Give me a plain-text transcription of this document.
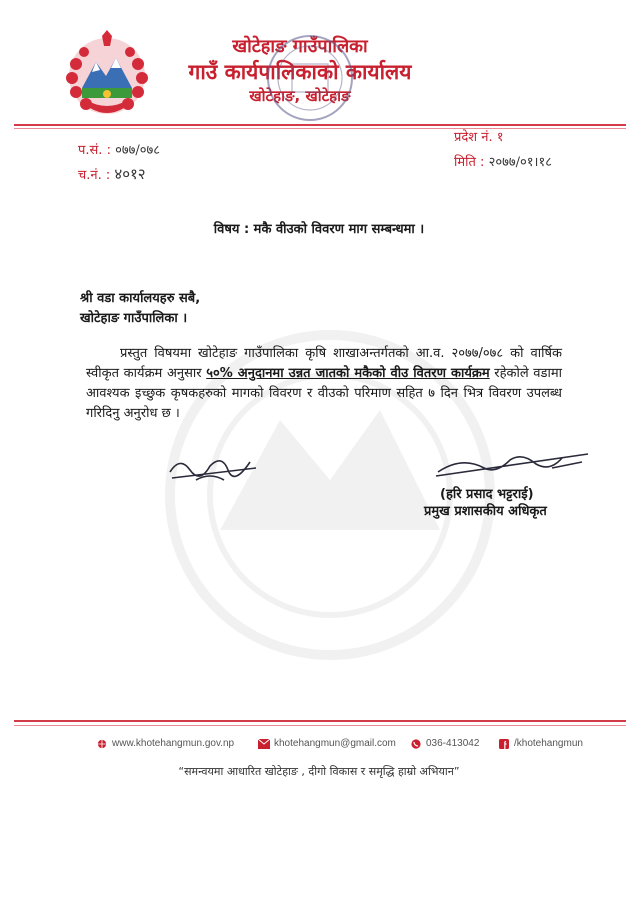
खोटेहाङ गाउँपालिका
गाउँ कार्यपालिकाको कार्यालय
खोटेहाङ, खोटेहाङ
प.सं. : ०७७/०७८
च.नं. : ४०१२
प्रदेश नं. १
मिति : २०७७/०१।१८
विषय : मकै वीउको विवरण माग सम्बन्धमा ।
श्री वडा कार्यालयहरु सबै,
खोटेहाङ गाउँपालिका ।
प्रस्तुत विषयमा खोटेहाङ गाउँपालिका कृषि शाखाअन्तर्गतको आ.व. २०७७/०७८ को वार्षिक स्वीकृत कार्यक्रम अनुसार ५०% अनुदानमा उन्नत जातको मकैको वीउ वितरण कार्यक्रम रहेकोले वडामा आवश्यक इच्छुक कृषकहरुको मागको विवरण र वीउको परिमाण सहित ७ दिन भित्र विवरण उपलब्ध गरिदिनु अनुरोध छ ।
(हरि प्रसाद भट्टराई)
प्रमुख प्रशासकीय अधिकृत
www.khotehangmun.gov.np	khotehangmun@gmail.com	036-413042	/khotehangmun
“समन्वयमा आधारित खोटेहाङ , दीगो विकास र समृद्धि हाम्रो अभियान”
